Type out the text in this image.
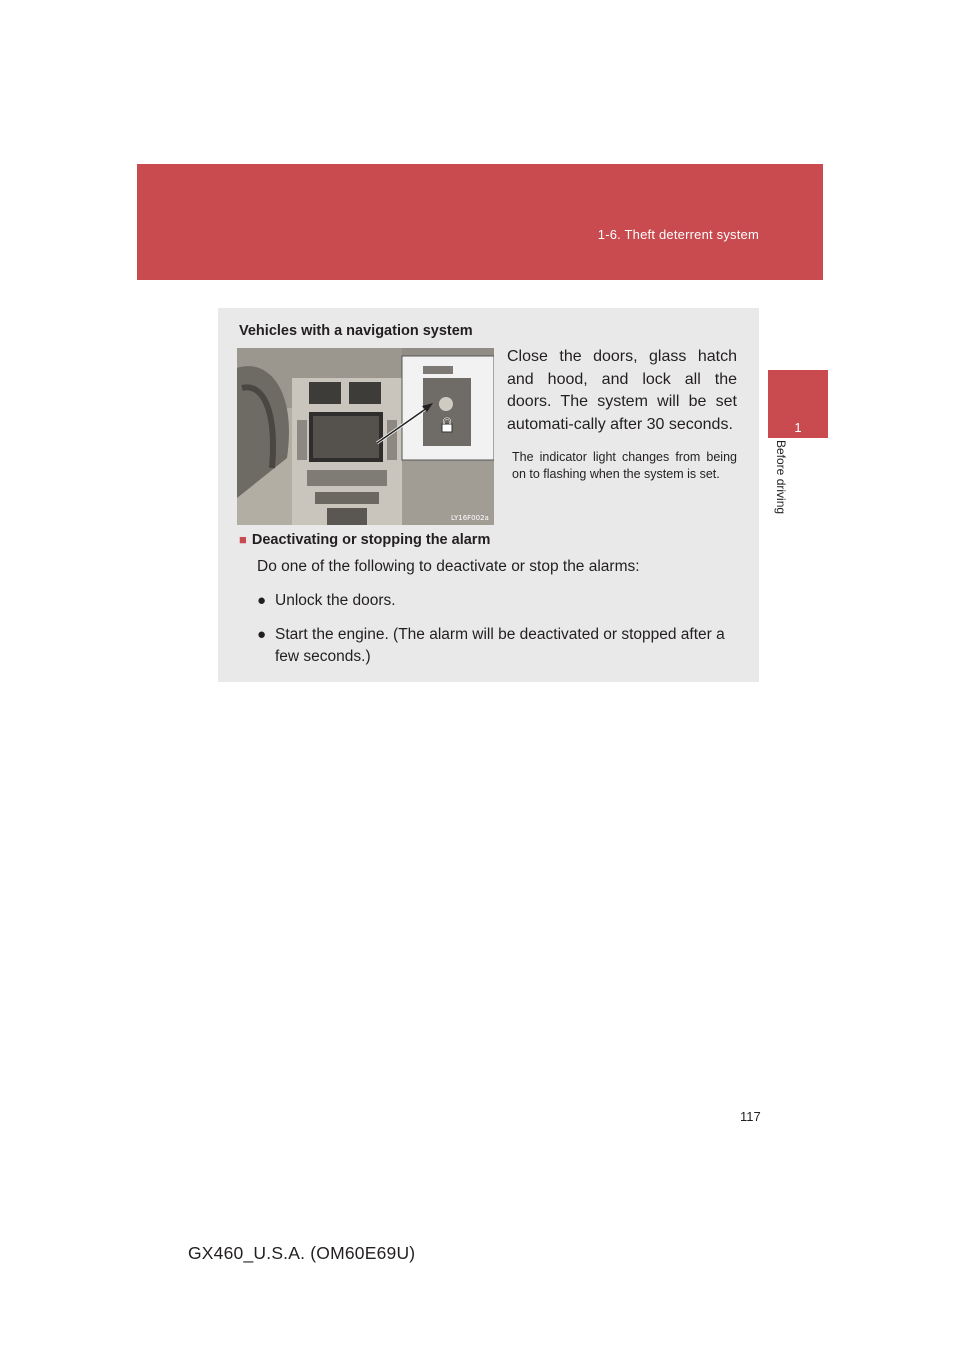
1-6. Theft deterrent system
1
Before driving
Vehicles with a navigation system
LY16F002a
Close the doors, glass hatch and hood, and lock all the doors. The system will be set automati-cally after 30 seconds.
The indicator light changes from being on to flashing when the system is set.
■ Deactivating or stopping the alarm
Do one of the following to deactivate or stop the alarms:
● Unlock the doors.
● Start the engine. (The alarm will be deactivated or stopped after a few seconds.)
117
GX460_U.S.A. (OM60E69U)
